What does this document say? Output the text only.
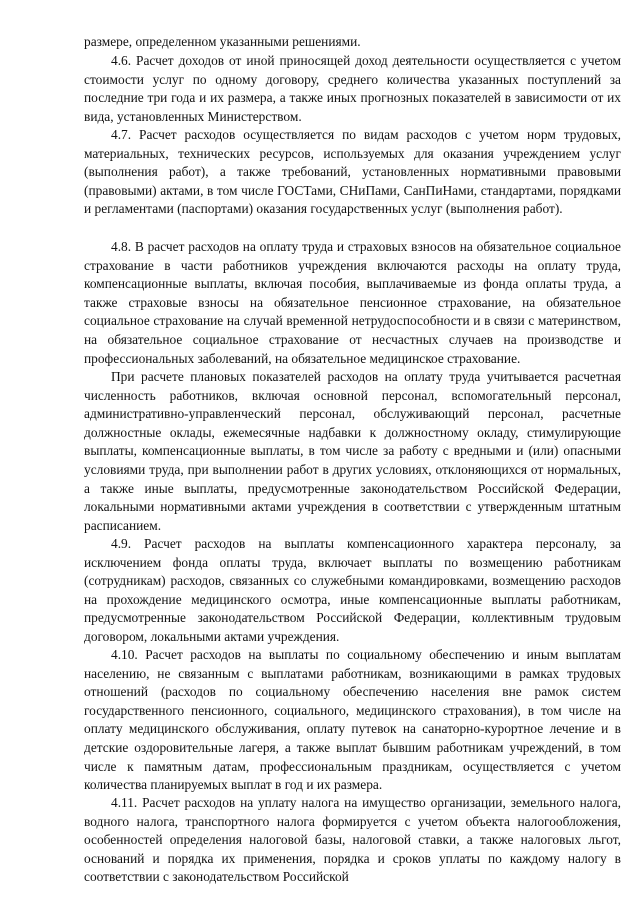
размере, определенном указанными решениями.

4.6. Расчет доходов от иной приносящей доход деятельности осуществляется с учетом стоимости услуг по одному договору, среднего количества указанных поступлений за последние три года и их размера, а также иных прогнозных показателей в зависимости от их вида, установленных Министерством.

4.7. Расчет расходов осуществляется по видам расходов с учетом норм трудовых, материальных, технических ресурсов, используемых для оказания учреждением услуг (выполнения работ), а также требований, установленных нормативными правовыми (правовыми) актами, в том числе ГОСТами, СНиПами, СанПиНами, стандартами, порядками и регламентами (паспортами) оказания государственных услуг (выполнения работ).

4.8. В расчет расходов на оплату труда и страховых взносов на обязательное социальное страхование в части работников учреждения включаются расходы на оплату труда, компенсационные выплаты, включая пособия, выплачиваемые из фонда оплаты труда, а также страховые взносы на обязательное пенсионное страхование, на обязательное социальное страхование на случай временной нетрудоспособности и в связи с материнством, на обязательное социальное страхование от несчастных случаев на производстве и профессиональных заболеваний, на обязательное медицинское страхование.

При расчете плановых показателей расходов на оплату труда учитывается расчетная численность работников, включая основной персонал, вспомогательный персонал, административно-управленческий персонал, обслуживающий персонал, расчетные должностные оклады, ежемесячные надбавки к должностному окладу, стимулирующие выплаты, компенсационные выплаты, в том числе за работу с вредными и (или) опасными условиями труда, при выполнении работ в других условиях, отклоняющихся от нормальных, а также иные выплаты, предусмотренные законодательством Российской Федерации, локальными нормативными актами учреждения в соответствии с утвержденным штатным расписанием.

4.9. Расчет расходов на выплаты компенсационного характера персоналу, за исключением фонда оплаты труда, включает выплаты по возмещению работникам (сотрудникам) расходов, связанных со служебными командировками, возмещению расходов на прохождение медицинского осмотра, иные компенсационные выплаты работникам, предусмотренные законодательством Российской Федерации, коллективным трудовым договором, локальными актами учреждения.

4.10. Расчет расходов на выплаты по социальному обеспечению и иным выплатам населению, не связанным с выплатами работникам, возникающими в рамках трудовых отношений (расходов по социальному обеспечению населения вне рамок систем государственного пенсионного, социального, медицинского страхования), в том числе на оплату медицинского обслуживания, оплату путевок на санаторно-курортное лечение и в детские оздоровительные лагеря, а также выплат бывшим работникам учреждений, в том числе к памятным датам, профессиональным праздникам, осуществляется с учетом количества планируемых выплат в год и их размера.

4.11. Расчет расходов на уплату налога на имущество организации, земельного налога, водного налога, транспортного налога формируется с учетом объекта налогообложения, особенностей определения налоговой базы, налоговой ставки, а также налоговых льгот, оснований и порядка их применения, порядка и сроков уплаты по каждому налогу в соответствии с законодательством Российской
